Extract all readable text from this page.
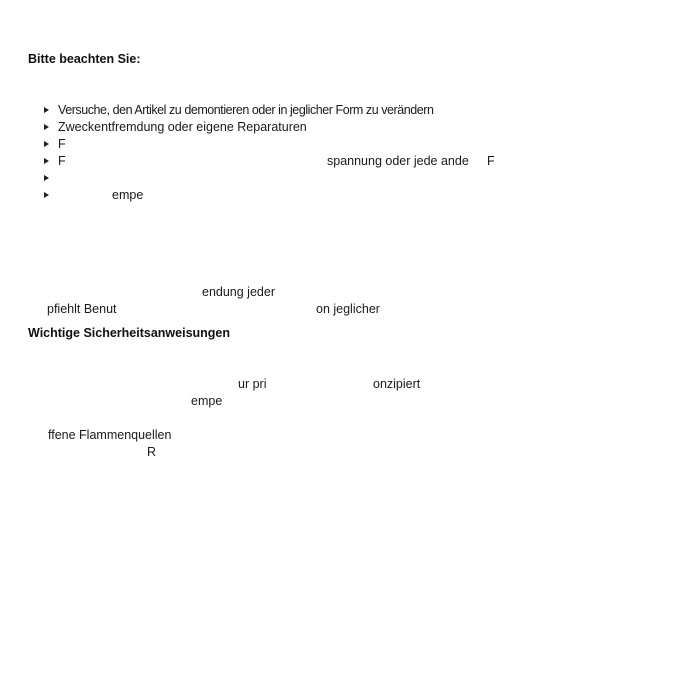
Bitte beachten Sie:
Versuche, den Artikel zu demontieren oder in jeglicher Form zu verändern
Zweckentfremdung oder eigene Reparaturen
F
F	spannung oder jede ande F
empe
endung jeder
pfiehlt Benut	on jeglicher
Wichtige Sicherheitsanweisungen
ur pri	onzipiert
empe
ffene Flammenquellen
R
